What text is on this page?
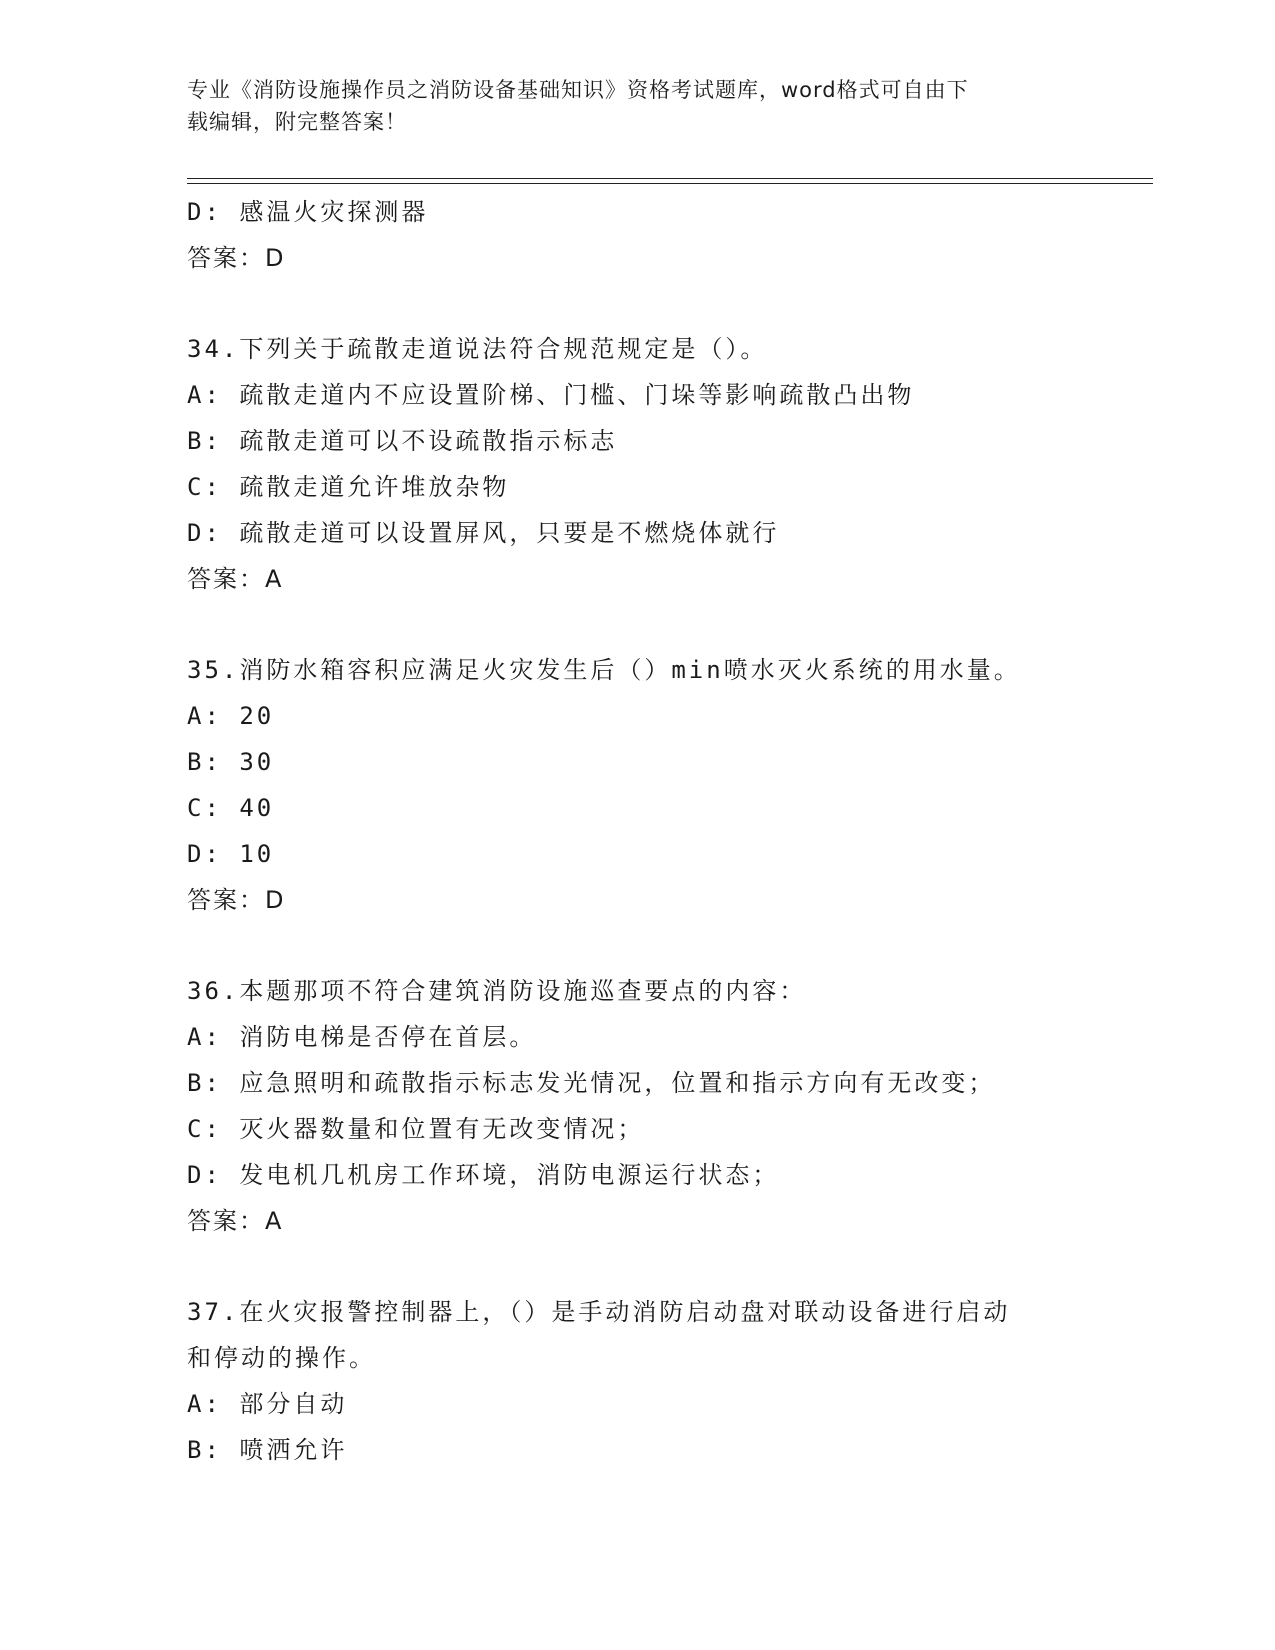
专业《消防设施操作员之消防设备基础知识》资格考试题库，word格式可自由下
载编辑，附完整答案！
D: 感温火灾探测器
答案：D
34.下列关于疏散走道说法符合规范规定是（）。
A: 疏散走道内不应设置阶梯、门槛、门垛等影响疏散凸出物
B: 疏散走道可以不设疏散指示标志
C: 疏散走道允许堆放杂物
D: 疏散走道可以设置屏风，只要是不燃烧体就行
答案：A
35.消防水箱容积应满足火灾发生后（）min喷水灭火系统的用水量。
A: 20
B: 30
C: 40
D: 10
答案：D
36.本题那项不符合建筑消防设施巡查要点的内容：
A: 消防电梯是否停在首层。
B: 应急照明和疏散指示标志发光情况，位置和指示方向有无改变；
C: 灭火器数量和位置有无改变情况；
D: 发电机几机房工作环境，消防电源运行状态；
答案：A
37.在火灾报警控制器上，（）是手动消防启动盘对联动设备进行启动
和停动的操作。
A: 部分自动
B: 喷洒允许
